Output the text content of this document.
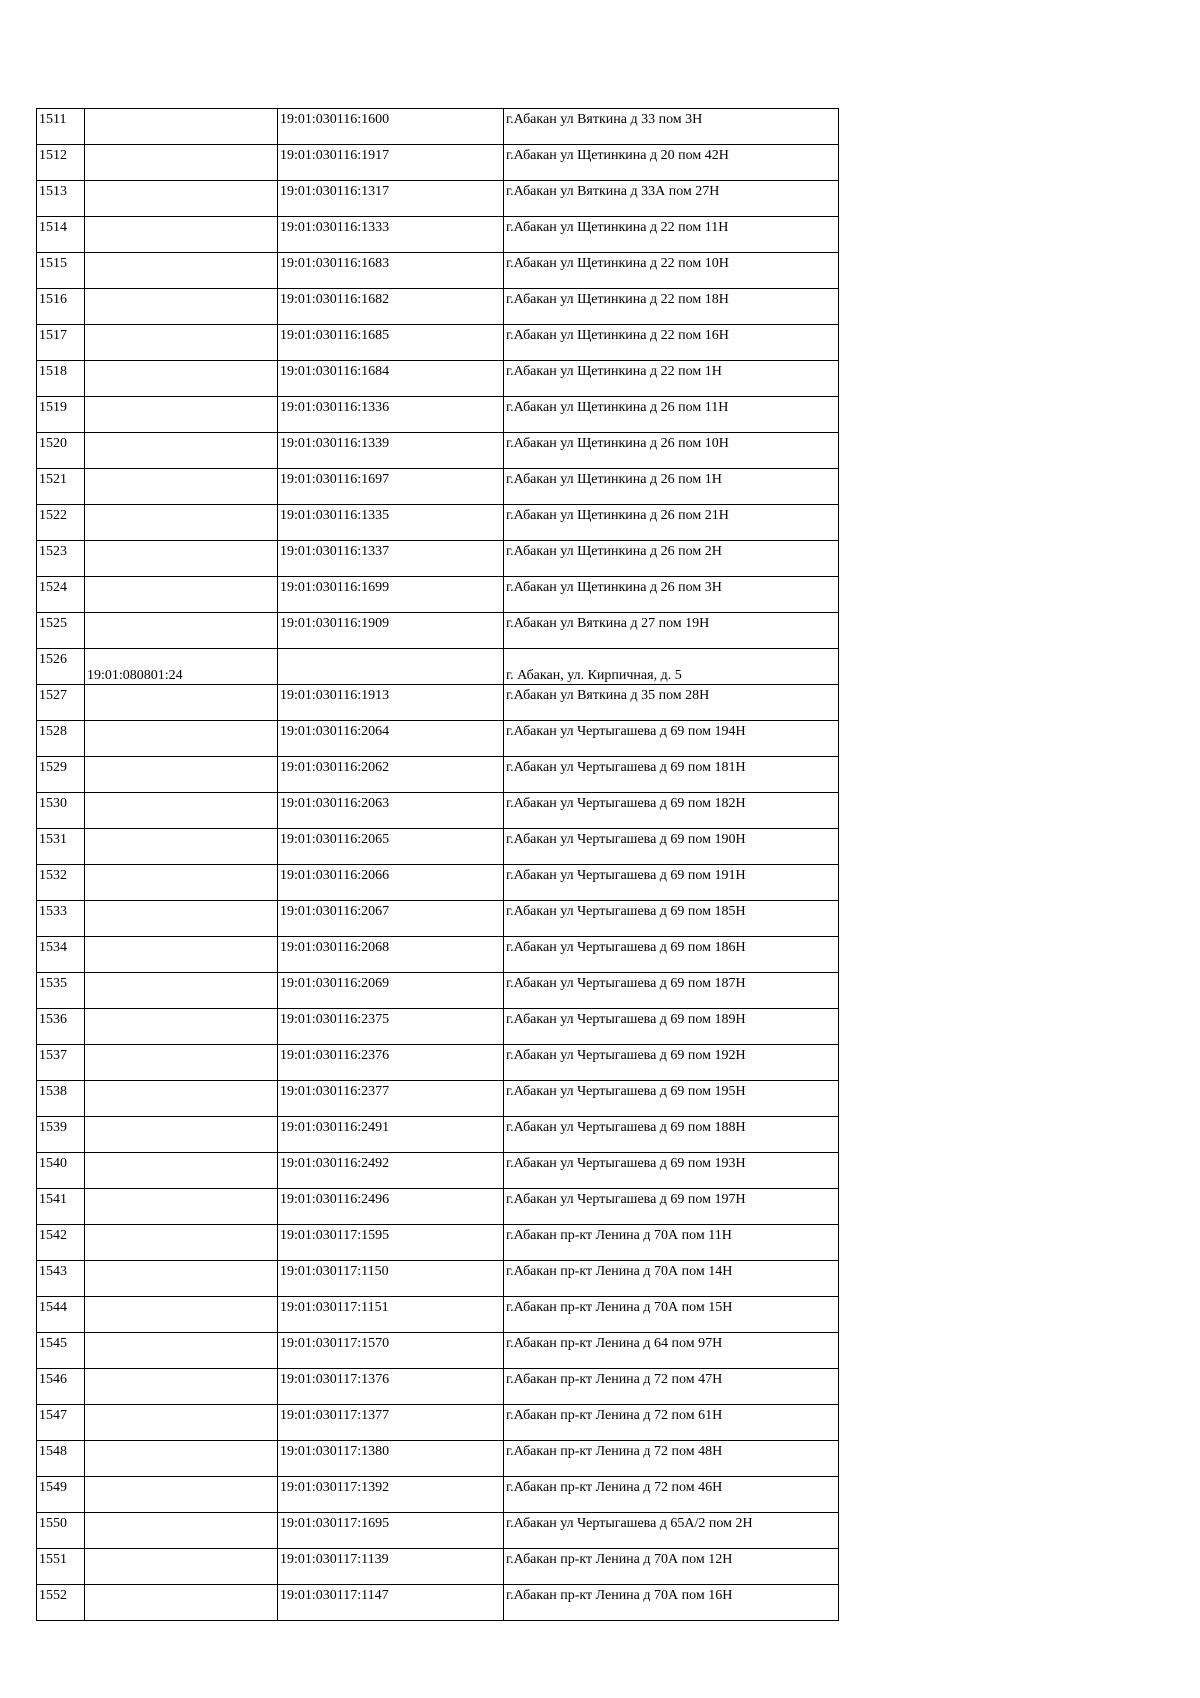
1511		19:01:030116:1600	г.Абакан ул Вяткина д 33 пом 3Н

1512		19:01:030116:1917	г.Абакан ул Щетинкина д 20 пом 42Н

1513		19:01:030116:1317	г.Абакан ул Вяткина д 33А пом 27Н

1514		19:01:030116:1333	г.Абакан ул Щетинкина д 22 пом 11Н

1515		19:01:030116:1683	г.Абакан ул Щетинкина д 22 пом 10Н

1516		19:01:030116:1682	г.Абакан ул Щетинкина д 22 пом 18Н

1517		19:01:030116:1685	г.Абакан ул Щетинкина д 22 пом 16Н

1518		19:01:030116:1684	г.Абакан ул Щетинкина д 22 пом 1Н

1519		19:01:030116:1336	г.Абакан ул Щетинкина д 26 пом 11Н

1520		19:01:030116:1339	г.Абакан ул Щетинкина д 26 пом 10Н

1521		19:01:030116:1697	г.Абакан ул Щетинкина д 26 пом 1Н

1522		19:01:030116:1335	г.Абакан ул Щетинкина д 26 пом 21Н

1523		19:01:030116:1337	г.Абакан ул Щетинкина д 26 пом 2Н

1524		19:01:030116:1699	г.Абакан ул Щетинкина д 26 пом 3Н

1525		19:01:030116:1909	г.Абакан ул Вяткина д 27 пом 19Н

1526	19:01:080801:24		г. Абакан, ул. Кирпичная, д. 5

1527		19:01:030116:1913	г.Абакан ул Вяткина д 35 пом 28Н

1528		19:01:030116:2064	г.Абакан ул Чертыгашева д 69 пом 194Н

1529		19:01:030116:2062	г.Абакан ул Чертыгашева д 69 пом 181Н

1530		19:01:030116:2063	г.Абакан ул Чертыгашева д 69 пом 182Н

1531		19:01:030116:2065	г.Абакан ул Чертыгашева д 69 пом 190Н

1532		19:01:030116:2066	г.Абакан ул Чертыгашева д 69 пом 191Н

1533		19:01:030116:2067	г.Абакан ул Чертыгашева д 69 пом 185Н

1534		19:01:030116:2068	г.Абакан ул Чертыгашева д 69 пом 186Н

1535		19:01:030116:2069	г.Абакан ул Чертыгашева д 69 пом 187Н

1536		19:01:030116:2375	г.Абакан ул Чертыгашева д 69 пом 189Н

1537		19:01:030116:2376	г.Абакан ул Чертыгашева д 69 пом 192Н

1538		19:01:030116:2377	г.Абакан ул Чертыгашева д 69 пом 195Н

1539		19:01:030116:2491	г.Абакан ул Чертыгашева д 69 пом 188Н

1540		19:01:030116:2492	г.Абакан ул Чертыгашева д 69 пом 193Н

1541		19:01:030116:2496	г.Абакан ул Чертыгашева д 69 пом 197Н

1542		19:01:030117:1595	г.Абакан пр-кт Ленина д 70А пом 11Н

1543		19:01:030117:1150	г.Абакан пр-кт Ленина д 70А пом 14Н

1544		19:01:030117:1151	г.Абакан пр-кт Ленина д 70А пом 15Н

1545		19:01:030117:1570	г.Абакан пр-кт Ленина д 64 пом 97Н

1546		19:01:030117:1376	г.Абакан пр-кт Ленина д 72 пом 47Н

1547		19:01:030117:1377	г.Абакан пр-кт Ленина д 72 пом 61Н

1548		19:01:030117:1380	г.Абакан пр-кт Ленина д 72 пом 48Н

1549		19:01:030117:1392	г.Абакан пр-кт Ленина д 72 пом 46Н

1550		19:01:030117:1695	г.Абакан ул Чертыгашева д 65А/2 пом 2Н

1551		19:01:030117:1139	г.Абакан пр-кт Ленина д 70А пом 12Н

1552		19:01:030117:1147	г.Абакан пр-кт Ленина д 70А пом 16Н
